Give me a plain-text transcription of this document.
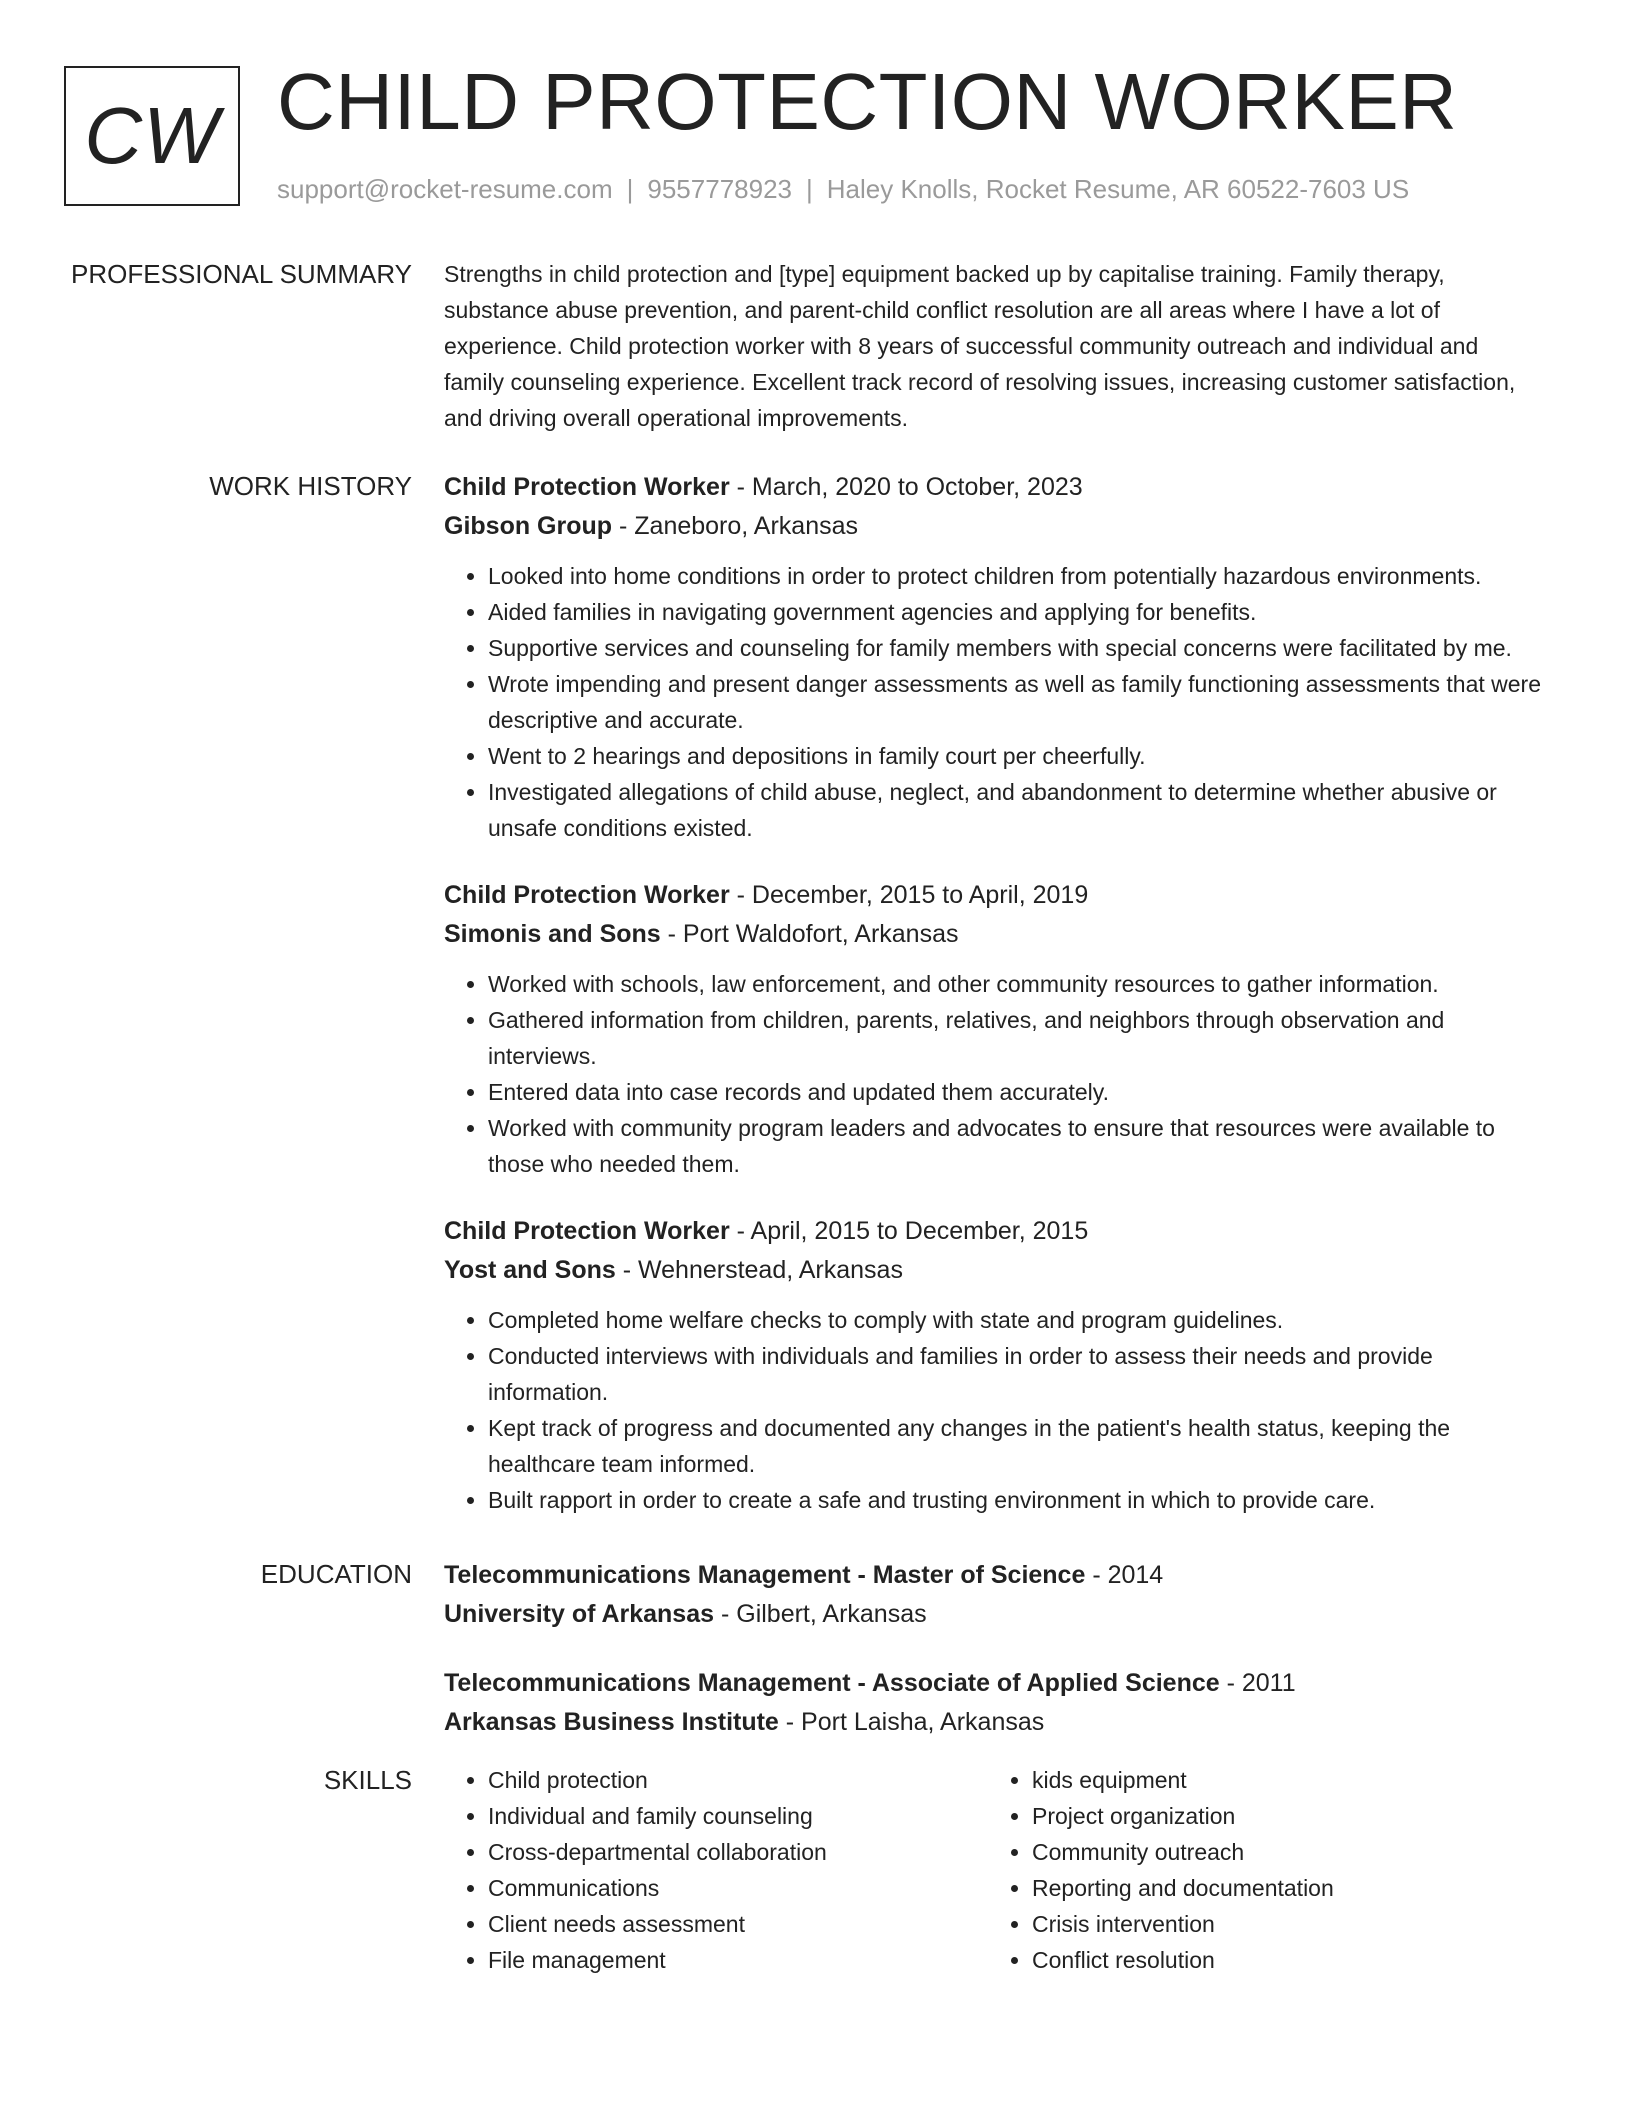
CW CHILD PROTECTION WORKER
support@rocket-resume.com | 9557778923 | Haley Knolls, Rocket Resume, AR 60522-7603 US
PROFESSIONAL SUMMARY Strengths in child protection and [type] equipment backed up by capitalise training. Family therapy, substance abuse prevention, and parent-child conflict resolution are all areas where I have a lot of experience. Child protection worker with 8 years of successful community outreach and individual and family counseling experience. Excellent track record of resolving issues, increasing customer satisfaction, and driving overall operational improvements.

WORK HISTORY Child Protection Worker - March, 2020 to October, 2023
Gibson Group - Zaneboro, Arkansas
• Looked into home conditions in order to protect children from potentially hazardous environments.
• Aided families in navigating government agencies and applying for benefits.
• Supportive services and counseling for family members with special concerns were facilitated by me.
• Wrote impending and present danger assessments as well as family functioning assessments that were descriptive and accurate.
• Went to 2 hearings and depositions in family court per cheerfully.
• Investigated allegations of child abuse, neglect, and abandonment to determine whether abusive or unsafe conditions existed.
Child Protection Worker - December, 2015 to April, 2019
Simonis and Sons - Port Waldofort, Arkansas
• Worked with schools, law enforcement, and other community resources to gather information.
• Gathered information from children, parents, relatives, and neighbors through observation and interviews.
• Entered data into case records and updated them accurately.
• Worked with community program leaders and advocates to ensure that resources were available to those who needed them.
Child Protection Worker - April, 2015 to December, 2015
Yost and Sons - Wehnerstead, Arkansas
• Completed home welfare checks to comply with state and program guidelines.
• Conducted interviews with individuals and families in order to assess their needs and provide information.
• Kept track of progress and documented any changes in the patient's health status, keeping the healthcare team informed.
• Built rapport in order to create a safe and trusting environment in which to provide care.
EDUCATION Telecommunications Management - Master of Science - 2014
University of Arkansas - Gilbert, Arkansas
Telecommunications Management - Associate of Applied Science - 2011
Arkansas Business Institute - Port Laisha, Arkansas
SKILLS
•	Child protection
• Individual and family counseling
• Cross-departmental collaboration
• Communications
• Client needs assessment
• File management
• kids equipment
• Project organization
• Community outreach
• Reporting and documentation
• Crisis intervention
• Conflict resolution
